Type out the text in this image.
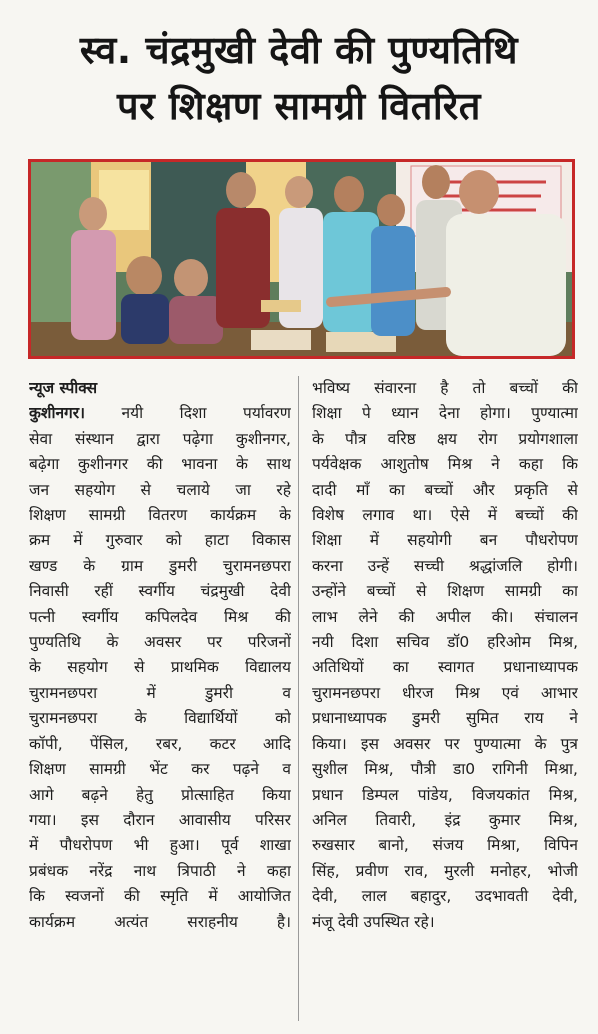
स्व. चंद्रमुखी देवी की पुण्यतिथि
पर शिक्षण सामग्री वितरित
न्यूज स्पीक्स
कुशीनगर। नयी दिशा पर्यावरण
सेवा संस्थान द्वारा पढ़ेगा कुशीनगर,
बढ़ेगा कुशीनगर की भावना के साथ
जन सहयोग से चलाये जा रहे
शिक्षण सामग्री वितरण कार्यक्रम के
क्रम में गुरुवार को हाटा विकास
खण्ड के ग्राम डुमरी चुरामनछपरा
निवासी रहीं स्वर्गीय चंद्रमुखी देवी
पत्नी स्वर्गीय कपिलदेव मिश्र की
पुण्यतिथि के अवसर पर परिजनों
के सहयोग से प्राथमिक विद्यालय
चुरामनछपरा में डुमरी व
चुरामनछपरा के विद्यार्थियों को
कॉपी, पेंसिल, रबर, कटर आदि
शिक्षण सामग्री भेंट कर पढ़ने व
आगे बढ़ने हेतु प्रोत्साहित किया
गया। इस दौरान आवासीय परिसर
में पौधरोपण भी हुआ। पूर्व शाखा
प्रबंधक नरेंद्र नाथ त्रिपाठी ने कहा
कि स्वजनों की स्मृति में आयोजित
कार्यक्रम अत्यंत सराहनीय है।
भविष्य संवारना है तो बच्चों की
शिक्षा पे ध्यान देना होगा। पुण्यात्मा
के पौत्र वरिष्ठ क्षय रोग प्रयोगशाला
पर्यवेक्षक आशुतोष मिश्र ने कहा कि
दादी माँ का बच्चों और प्रकृति से
विशेष लगाव था। ऐसे में बच्चों की
शिक्षा में सहयोगी बन पौधरोपण
करना उन्हें सच्ची श्रद्धांजलि होगी।
उन्होंने बच्चों से शिक्षण सामग्री का
लाभ लेने की अपील की। संचालन
नयी दिशा सचिव डॉ0 हरिओम मिश्र,
अतिथियों का स्वागत प्रधानाध्यापक
चुरामनछपरा धीरज मिश्र एवं आभार
प्रधानाध्यापक डुमरी सुमित राय ने
किया। इस अवसर पर पुण्यात्मा के पुत्र
सुशील मिश्र, पौत्री डा0 रागिनी मिश्रा,
प्रधान डिम्पल पांडेय, विजयकांत मिश्र,
अनिल तिवारी, इंद्र कुमार मिश्र,
रुखसार बानो, संजय मिश्रा, विपिन
सिंह, प्रवीण राव, मुरली मनोहर, भोजी
देवी, लाल बहादुर, उदभावती देवी,
मंजू देवी उपस्थित रहे।
